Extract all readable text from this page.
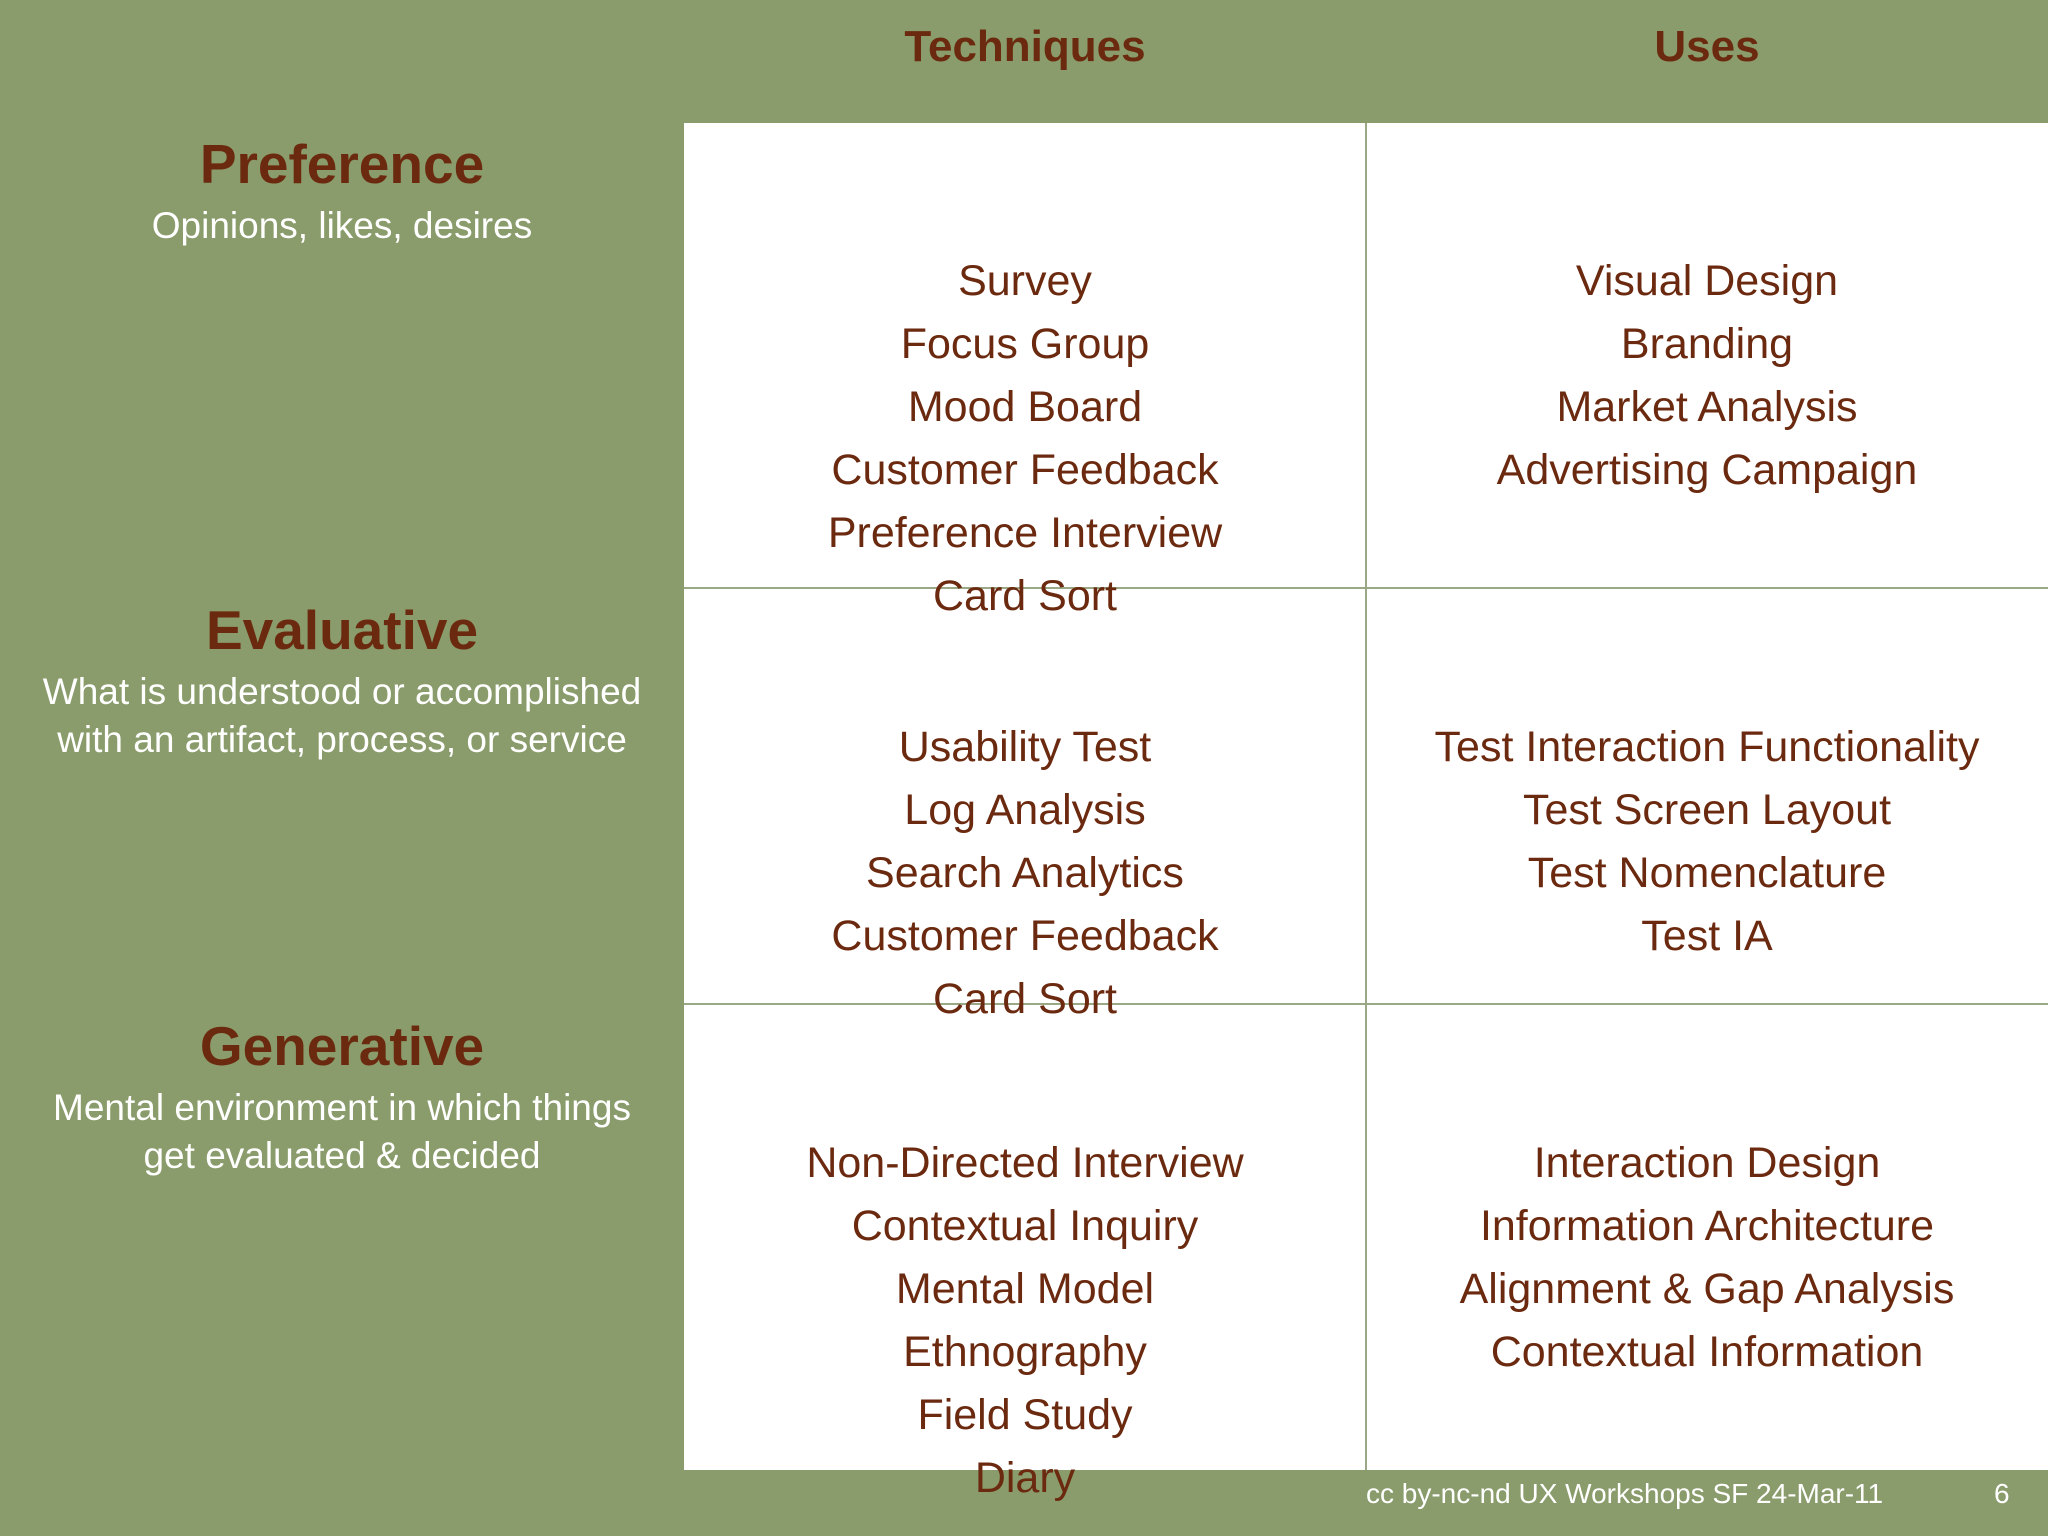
Techniques	Uses
Preference
Opinions, likes, desires
Evaluative
What is understood or accomplished
with an artifact, process, or service
Generative
Mental environment in which things
get evaluated & decided
Survey
Focus Group
Mood Board
Customer Feedback
Preference Interview
Card Sort
Visual Design
Branding
Market Analysis
Advertising Campaign
Usability Test
Log Analysis
Search Analytics
Customer Feedback
Card Sort
Test Interaction Functionality
Test Screen Layout
Test Nomenclature
Test IA
Non-Directed Interview
Contextual Inquiry
Mental Model
Ethnography
Field Study
Diary
Interaction Design
Information Architecture
Alignment & Gap Analysis
Contextual Information
cc by-nc-nd UX Workshops SF 24-Mar-11	6
